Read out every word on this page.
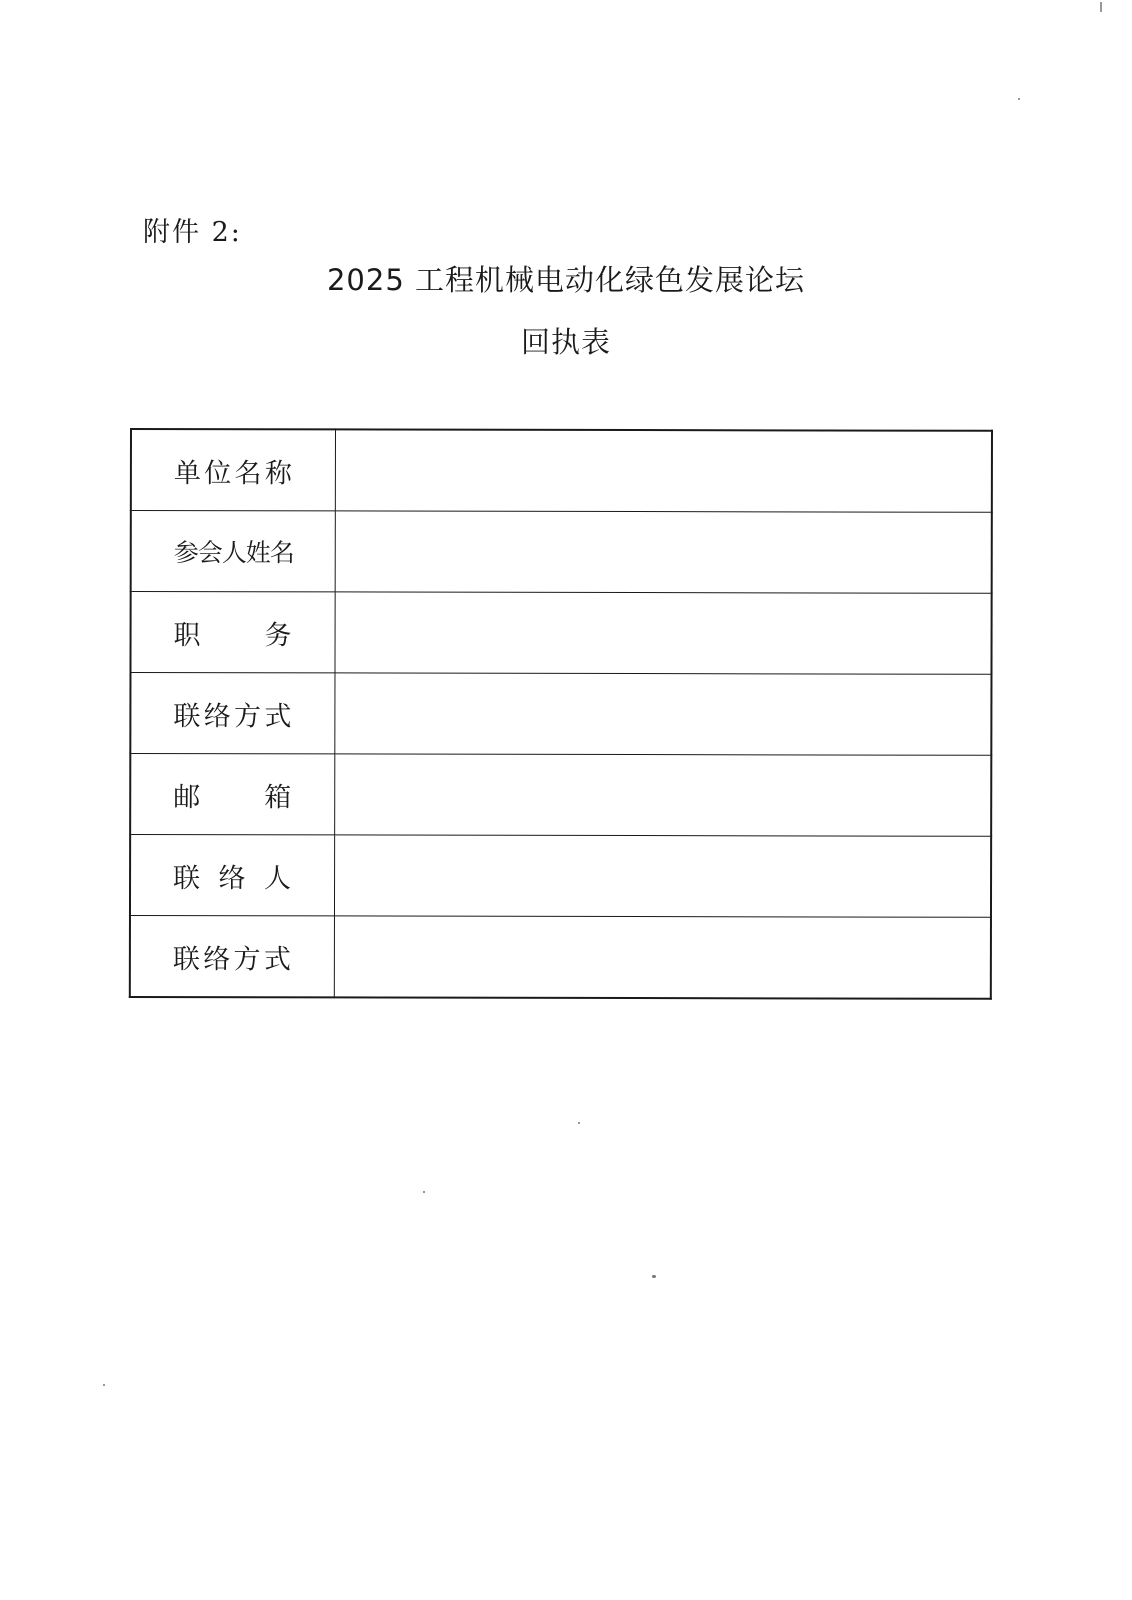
附件 2:
2025 工程机械电动化绿色发展论坛
回执表
单 位 名 称	

参会人姓名	

职 务	

联 络 方 式	

邮 箱	

联 络 人	

联 络 方 式	
